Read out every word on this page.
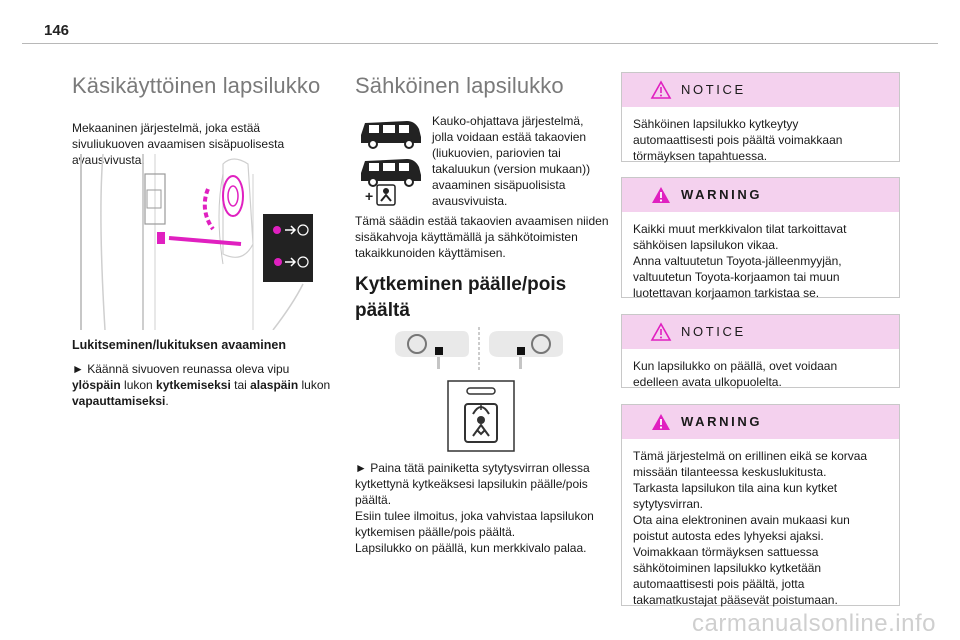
146
Käsikäyttöinen lapsilukko

Mekaaninen järjestelmä, joka estää
sivuliukuoven avaamisen sisäpuolisesta
avausvivusta.

Lukitseminen/lukituksen avaaminen

► Käännä sivuoven reunassa oleva vipu ylöspäin lukon kytkemiseksi tai alaspäin lukon vapauttamiseksi.

Sähköinen lapsilukko
+

Kauko-ohjattava järjestelmä,
jolla voidaan estää takaovien
(liukuovien, pariovien tai
takaluukun (version mukaan))
avaaminen sisäpuolisista
avausvivuista.

Tämä säädin estää takaovien avaamisen niiden
sisäkahvoja käyttämällä ja sähkötoimisten
takaikkunoiden käyttämisen.

Kytkeminen päälle/pois
päältä

► Paina tätä painiketta sytytysvirran ollessa
kytkettynä kytkeäksesi lapsilukin päälle/pois
päältä.
Esiin tulee ilmoitus, joka vahvistaa lapsilukon
kytkemisen päälle/pois päältä.
Lapsilukko on päällä, kun merkkivalo palaa.

NOTICE

Sähköinen lapsilukko kytkeytyy
automaattisesti pois päältä voimakkaan
törmäyksen tapahtuessa.

WARNING

Kaikki muut merkkivalon tilat tarkoittavat
sähköisen lapsilukon vikaa.
Anna valtuutetun Toyota-jälleenmyyjän,
valtuutetun Toyota-korjaamon tai muun
luotettavan korjaamon tarkistaa se.

NOTICE

Kun lapsilukko on päällä, ovet voidaan
edelleen avata ulkopuolelta.

WARNING

Tämä järjestelmä on erillinen eikä se korvaa
missään tilanteessa keskuslukitusta.
Tarkasta lapsilukon tila aina kun kytket
sytytysvirran.
Ota aina elektroninen avain mukaasi kun
poistut autosta edes lyhyeksi ajaksi.
Voimakkaan törmäyksen sattuessa
sähkötoiminen lapsilukko kytketään
automaattisesti pois päältä, jotta
takamatkustajat pääsevät poistumaan.

carmanualsonline.info
